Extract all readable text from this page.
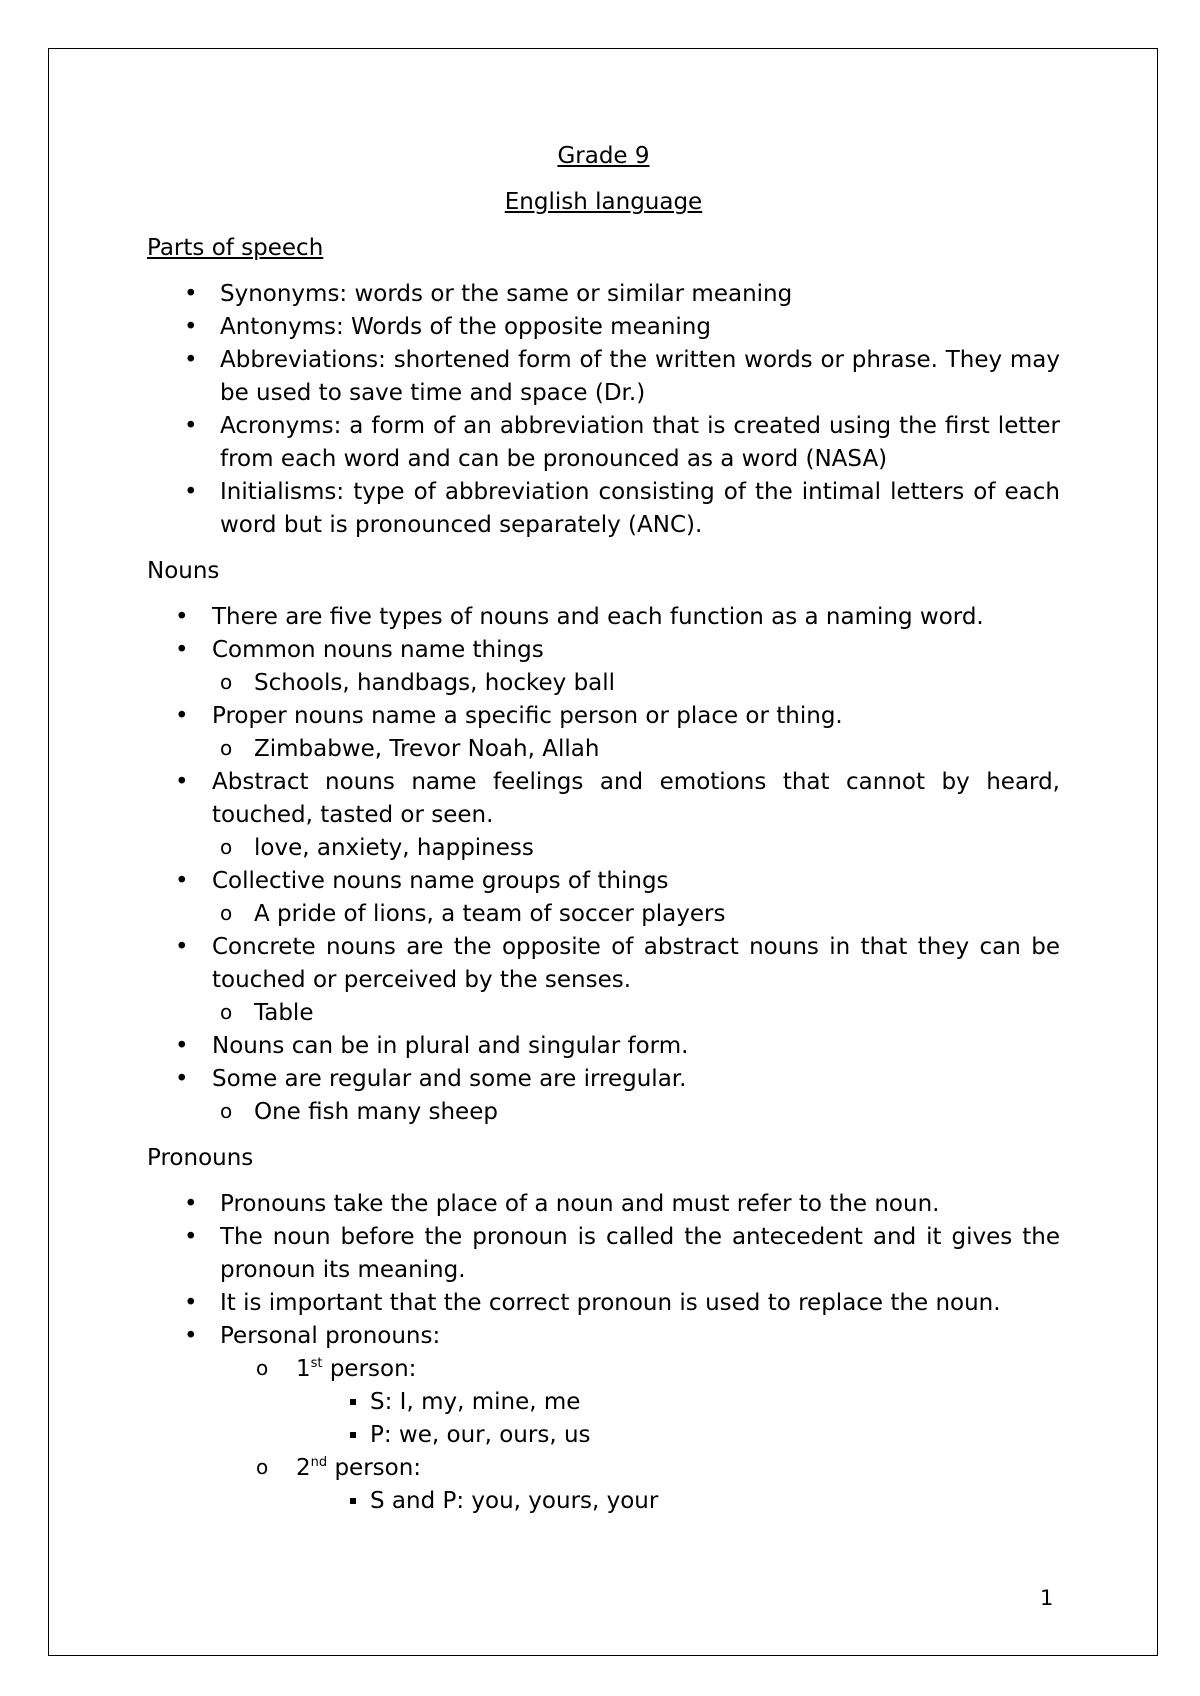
Grade 9

English language

Parts of speech

• Synonyms: words or the same or similar meaning
• Antonyms: Words of the opposite meaning
• Abbreviations: shortened form of the written words or phrase. They may be used to save time and space (Dr.)
• Acronyms: a form of an abbreviation that is created using the first letter from each word and can be pronounced as a word (NASA)
• Initialisms: type of abbreviation consisting of the intimal letters of each word but is pronounced separately (ANC).

Nouns

• There are five types of nouns and each function as a naming word.
• Common nouns name things
o Schools, handbags, hockey ball
• Proper nouns name a specific person or place or thing.
o Zimbabwe, Trevor Noah, Allah
• Abstract nouns name feelings and emotions that cannot by heard, touched, tasted or seen.
o love, anxiety, happiness
• Collective nouns name groups of things
o A pride of lions, a team of soccer players
• Concrete nouns are the opposite of abstract nouns in that they can be touched or perceived by the senses.
o Table
• Nouns can be in plural and singular form.
• Some are regular and some are irregular.
o One fish many sheep

Pronouns

• Pronouns take the place of a noun and must refer to the noun.
• The noun before the pronoun is called the antecedent and it gives the pronoun its meaning.
• It is important that the correct pronoun is used to replace the noun.
• Personal pronouns:
o 1st person:
S: I, my, mine, me
P: we, our, ours, us
o 2nd person:
S and P: you, yours, your
1
